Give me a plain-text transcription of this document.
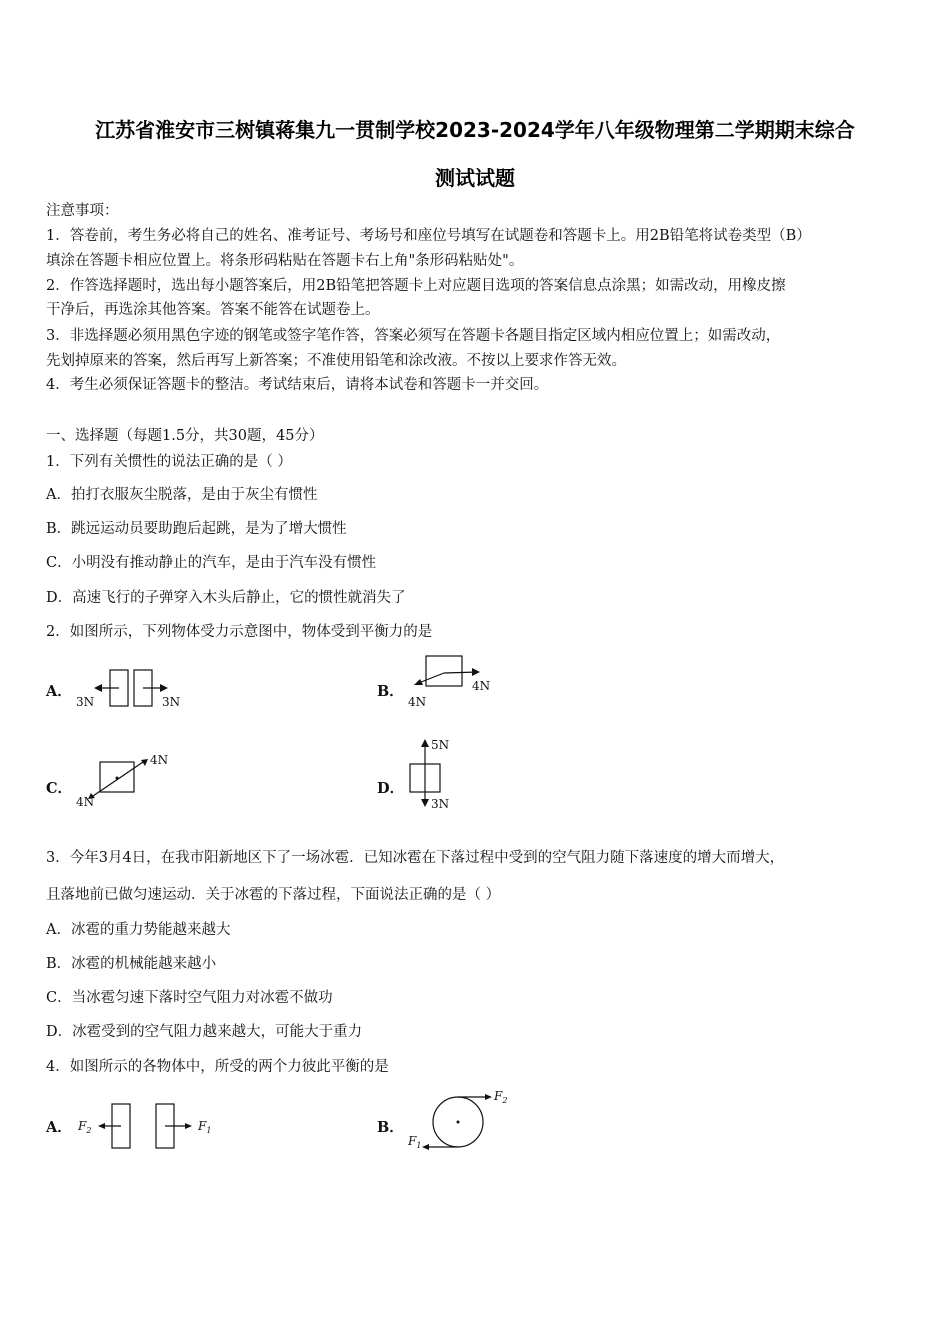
江苏省淮安市三树镇蒋集九一贯制学校2023-2024学年八年级物理第二学期期末综合
测试试题
注意事项：
1．答卷前，考生务必将自己的姓名、准考证号、考场号和座位号填写在试题卷和答题卡上。用2B铅笔将试卷类型（B）
填涂在答题卡相应位置上。将条形码粘贴在答题卡右上角"条形码粘贴处"。
2．作答选择题时，选出每小题答案后，用2B铅笔把答题卡上对应题目选项的答案信息点涂黑；如需改动，用橡皮擦
干净后，再选涂其他答案。答案不能答在试题卷上。
3．非选择题必须用黑色字迹的钢笔或签字笔作答，答案必须写在答题卡各题目指定区域内相应位置上；如需改动，
先划掉原来的答案，然后再写上新答案；不准使用铅笔和涂改液。不按以上要求作答无效。
4．考生必须保证答题卡的整洁。考试结束后，请将本试卷和答题卡一并交回。
一、选择题（每题1.5分，共30题，45分）
1．下列有关惯性的说法正确的是（ ）
A．拍打衣服灰尘脱落，是由于灰尘有惯性
B．跳远运动员要助跑后起跳，是为了增大惯性
C．小明没有推动静止的汽车，是由于汽车没有惯性
D．高速飞行的子弹穿入木头后静止，它的惯性就消失了
2．如图所示，下列物体受力示意图中，物体受到平衡力的是
A．
3N	3N
B．	4N
4N
C．
4N
4N
D．
5N
3N
3．今年3月4日，在我市阳新地区下了一场冰雹．已知冰雹在下落过程中受到的空气阻力随下落速度的增大而增大，
且落地前已做匀速运动．关于冰雹的下落过程，下面说法正确的是（ ）
A．冰雹的重力势能越来越大
B．冰雹的机械能越来越小
C．当冰雹匀速下落时空气阻力对冰雹不做功
D．冰雹受到的空气阻力越来越大，可能大于重力
4．如图所示的各物体中，所受的两个力彼此平衡的是
A． $F_2$	$F_1$	B．
$F_2$
$F_1$
